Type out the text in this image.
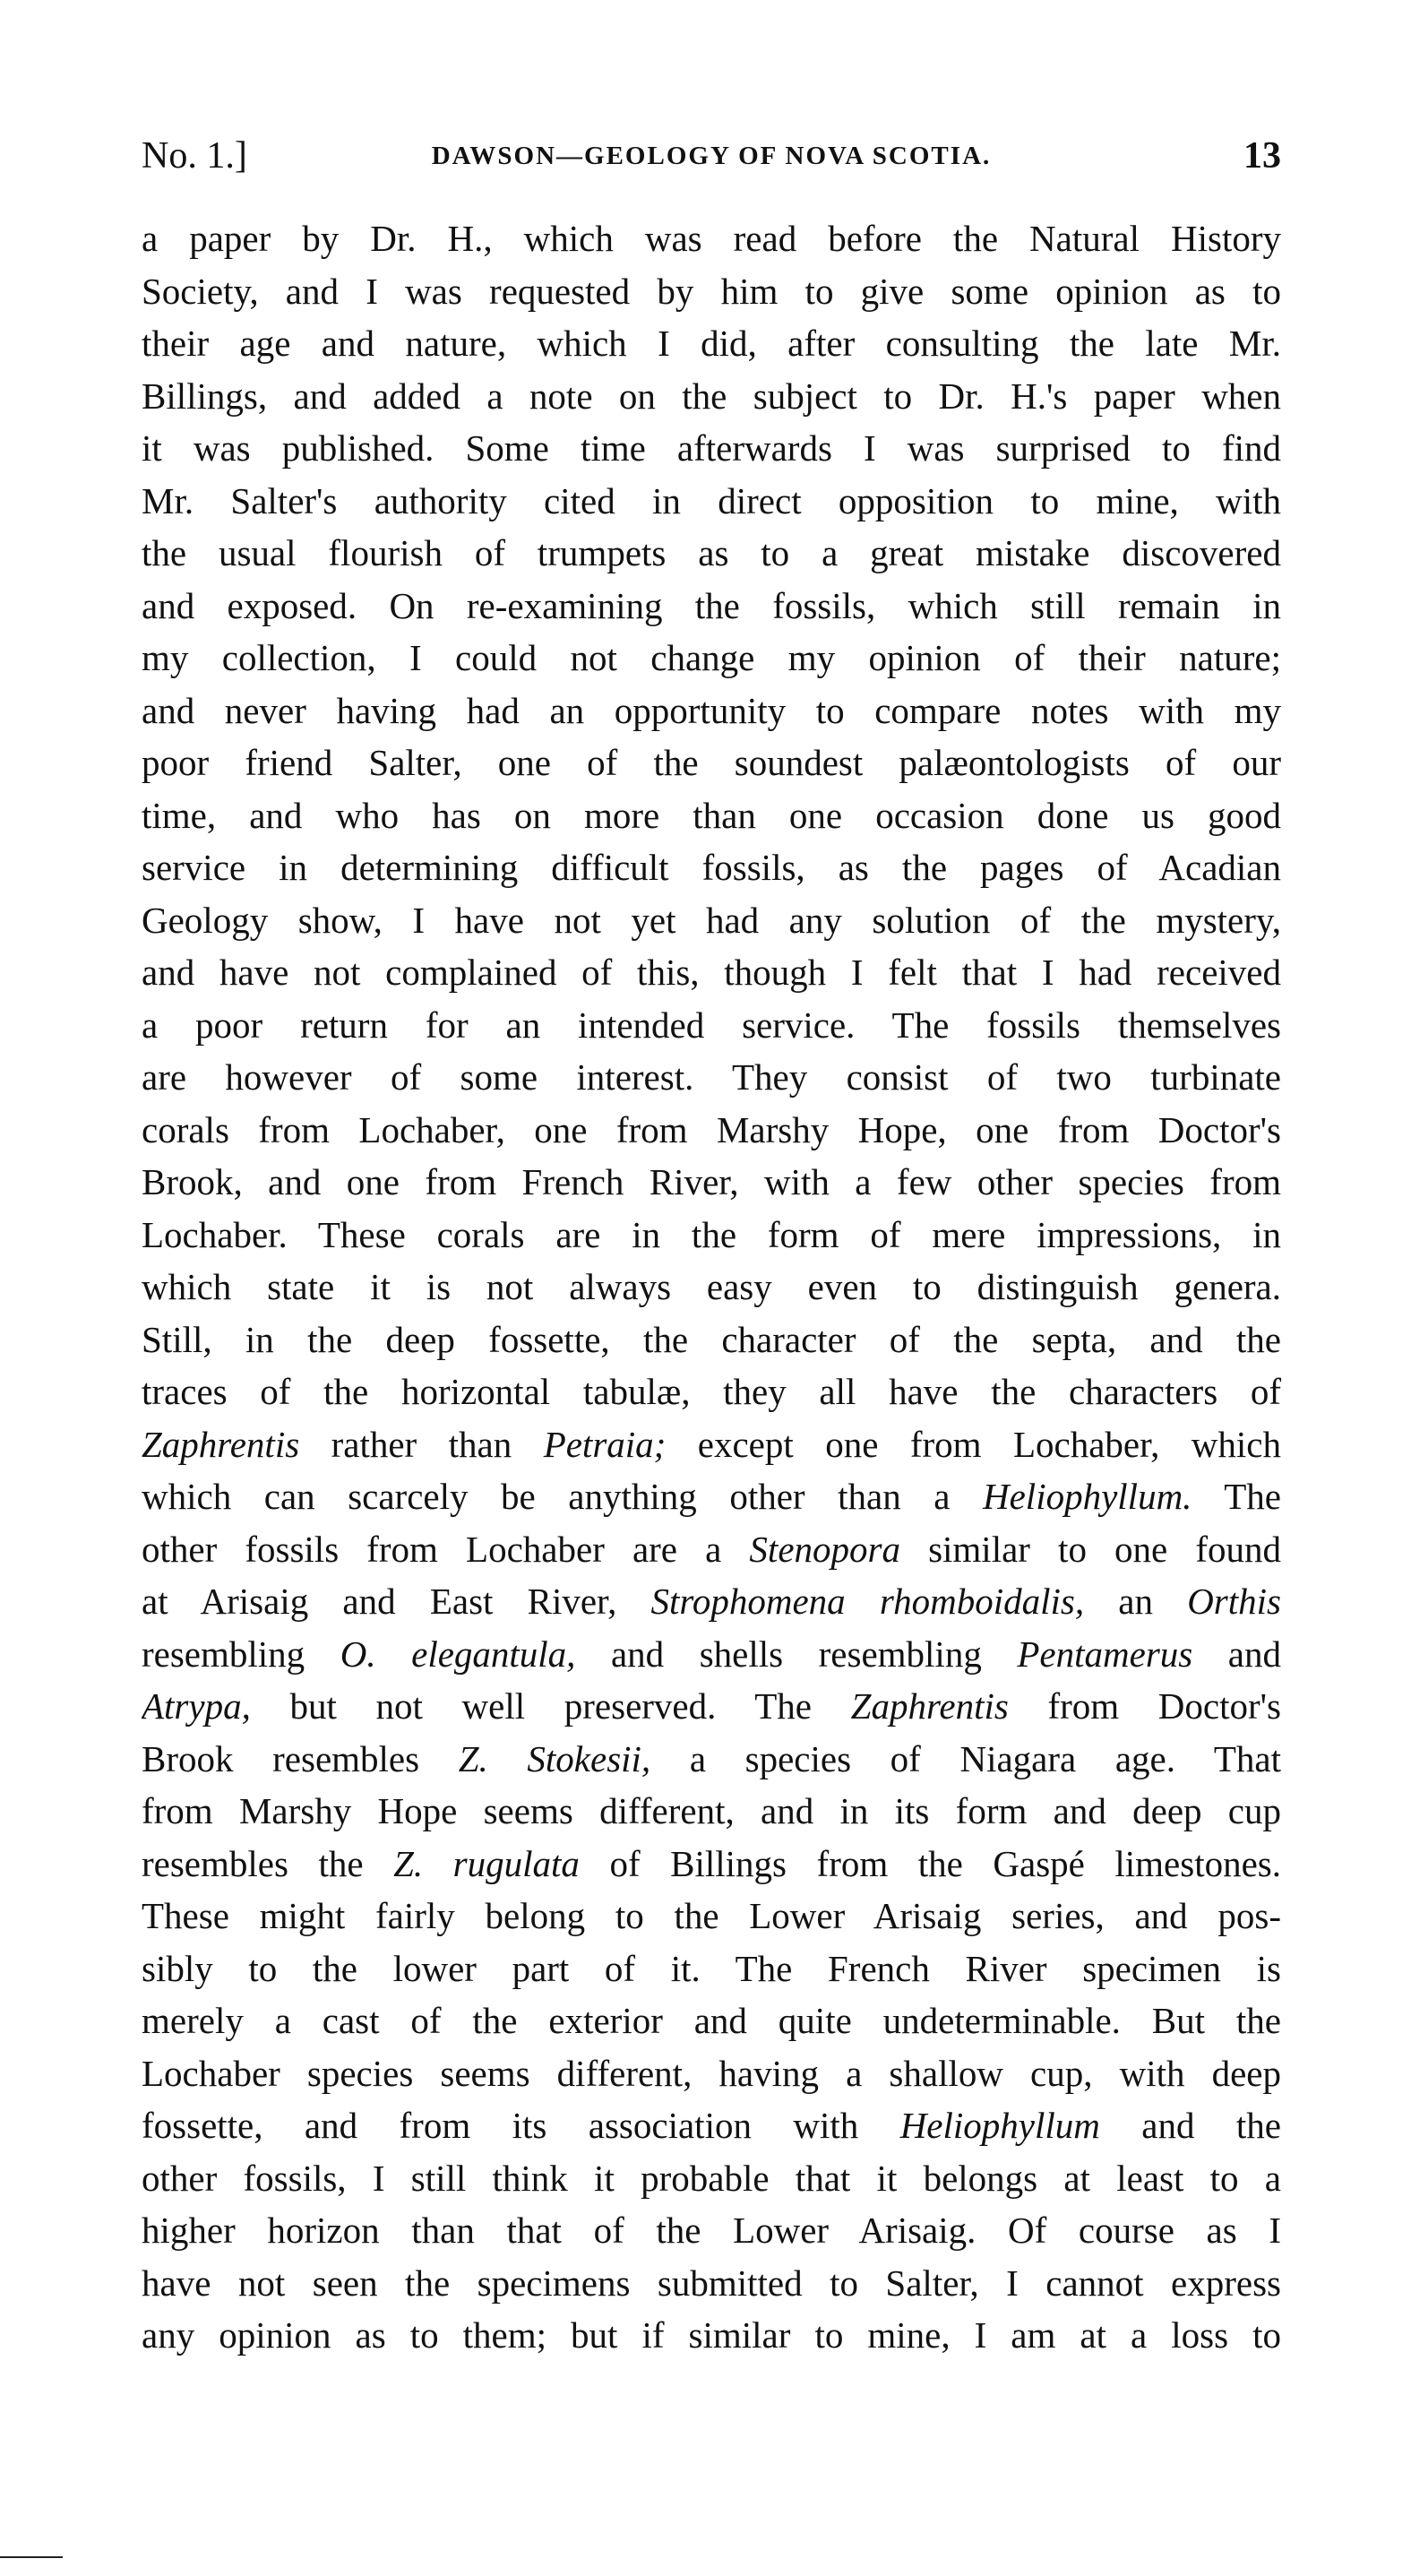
No. 1.]	DAWSON—GEOLOGY OF NOVA SCOTIA.	13
a paper by Dr. H., which was read before the Natural History
Society, and I was requested by him to give some opinion as to
their age and nature, which I did, after consulting the late Mr.
Billings, and added a note on the subject to Dr. H.'s paper when
it was published. Some time afterwards I was surprised to find
Mr. Salter's authority cited in direct opposition to mine, with
the usual flourish of trumpets as to a great mistake discovered
and exposed. On re-examining the fossils, which still remain in
my collection, I could not change my opinion of their nature;
and never having had an opportunity to compare notes with my
poor friend Salter, one of the soundest palæontologists of our
time, and who has on more than one occasion done us good
service in determining difficult fossils, as the pages of Acadian
Geology show, I have not yet had any solution of the mystery,
and have not complained of this, though I felt that I had received
a poor return for an intended service. The fossils themselves
are however of some interest. They consist of two turbinate
corals from Lochaber, one from Marshy Hope, one from Doctor's
Brook, and one from French River, with a few other species from
Lochaber. These corals are in the form of mere impressions, in
which state it is not always easy even to distinguish genera.
Still, in the deep fossette, the character of the septa, and the
traces of the horizontal tabulæ, they all have the characters of
Zaphrentis rather than Petraia; except one from Lochaber, which
which can scarcely be anything other than a Heliophyllum. The
other fossils from Lochaber are a Stenopora similar to one found
at Arisaig and East River, Strophomena rhomboidalis, an Orthis
resembling O. elegantula, and shells resembling Pentamerus and
Atrypa, but not well preserved. The Zaphrentis from Doctor's
Brook resembles Z. Stokesii, a species of Niagara age. That
from Marshy Hope seems different, and in its form and deep cup
resembles the Z. rugulata of Billings from the Gaspé limestones.
These might fairly belong to the Lower Arisaig series, and pos-
sibly to the lower part of it. The French River specimen is
merely a cast of the exterior and quite undeterminable. But the
Lochaber species seems different, having a shallow cup, with deep
fossette, and from its association with Heliophyllum and the
other fossils, I still think it probable that it belongs at least to a
higher horizon than that of the Lower Arisaig. Of course as I
have not seen the specimens submitted to Salter, I cannot express
any opinion as to them; but if similar to mine, I am at a loss to
